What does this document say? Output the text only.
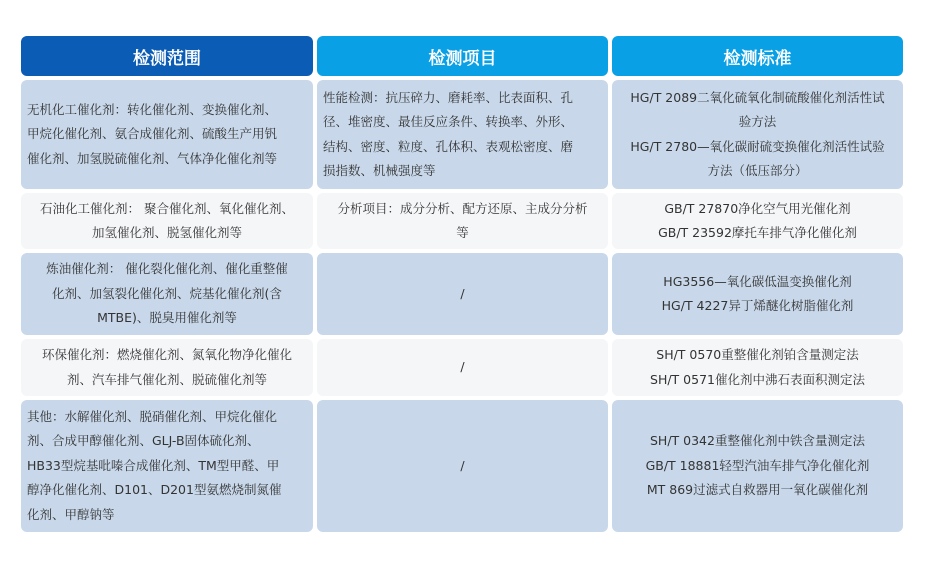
检测范围	检测项目	检测标准
无机化工催化剂：转化催化剂、变换催化剂、
甲烷化催化剂、氨合成催化剂、硫酸生产用钒
催化剂、加氢脱硫催化剂、气体净化催化剂等
性能检测：抗压碎力、磨耗率、比表面积、孔
径、堆密度、最佳反应条件、转换率、外形、
结构、密度、粒度、孔体积、表观松密度、磨
损指数、机械强度等
HG/T 2089二氧化硫氧化制硫酸催化剂活性试
验方法
HG/T 2780—氧化碳耐硫变换催化剂活性试验
方法（低压部分）
石油化工催化剂： 聚合催化剂、氧化催化剂、
加氢催化剂、脱氢催化剂等
分析项目：成分分析、配方还原、主成分分析
等
GB/T 27870净化空气用光催化剂
GB/T 23592摩托车排气净化催化剂
炼油催化剂： 催化裂化催化剂、催化重整催
化剂、加氢裂化催化剂、烷基化催化剂(含
MTBE)、脱臭用催化剂等
/
HG3556—氧化碳低温变换催化剂
HG/T 4227异丁烯醚化树脂催化剂
环保催化剂：燃烧催化剂、氮氧化物净化催化
剂、汽车排气催化剂、脱硫催化剂等
/
SH/T 0570重整催化剂铂含量测定法
SH/T 0571催化剂中沸石表面积测定法
其他：水解催化剂、脱硝催化剂、甲烷化催化
剂、合成甲醇催化剂、GLJ-B固体硫化剂、
HB33型烷基吡嗪合成催化剂、TM型甲醛、甲
醇净化催化剂、D101、D201型氨燃烧制氮催
化剂、甲醇钠等
/
SH/T 0342重整催化剂中铁含量测定法
GB/T 18881轻型汽油车排气净化催化剂
MT 869过滤式自救器用一氧化碳催化剂
